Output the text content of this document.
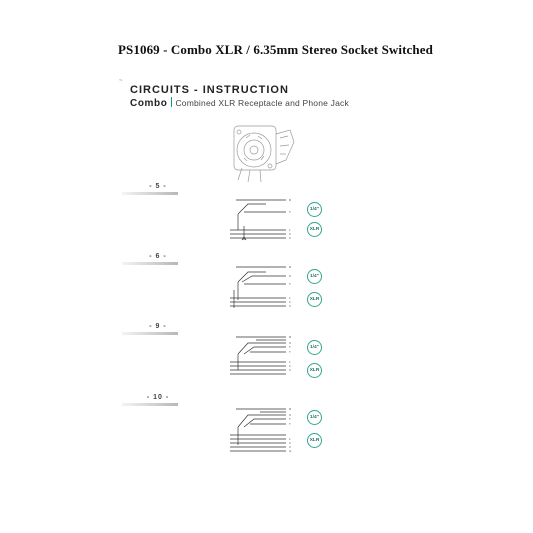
PS1069 - Combo XLR / 6.35mm Stereo Socket Switched
~
CIRCUITS - INSTRUCTION
Combo Combined XLR Receptacle and Phone Jack
- 5 -
R
T
1
2
3
1/4"
XLR
- 6 -
R
S
T
1
2
3
1/4"
XLR
- 9 -
R
S
T
T
1
2
3
1/4"
XLR
- 10 -
R
S
T
T
1
2
3
G
1/4"
XLR
